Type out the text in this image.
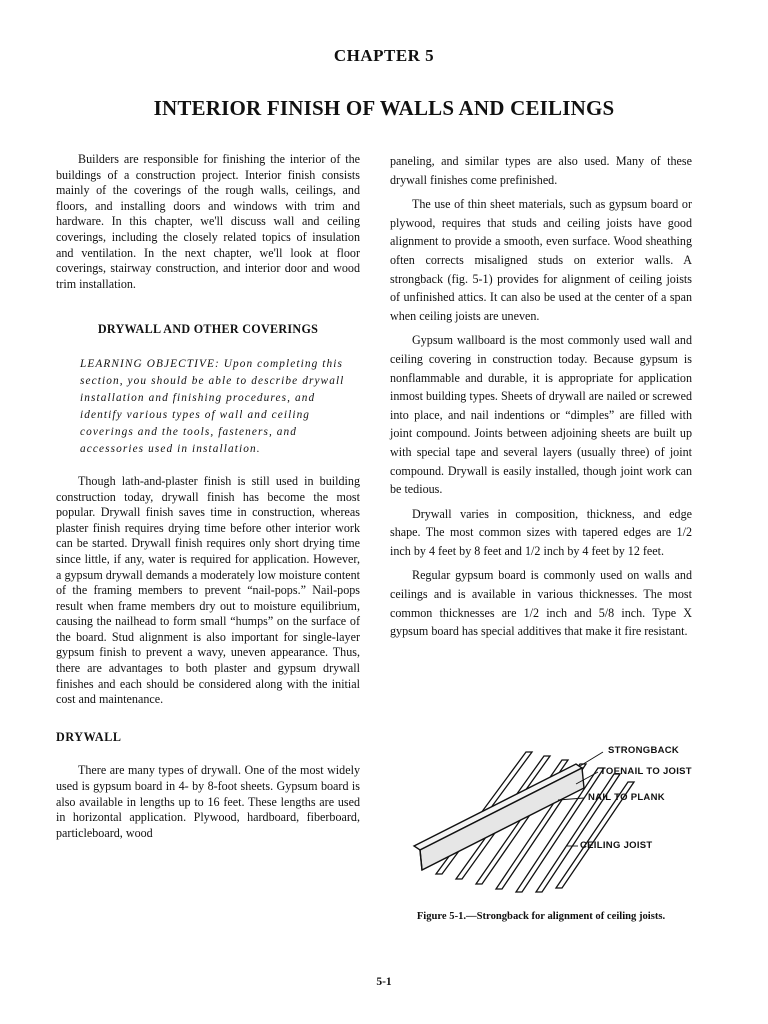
CHAPTER 5
INTERIOR FINISH OF WALLS AND CEILINGS

Builders are responsible for finishing the interior of the buildings of a construction project. Interior finish consists mainly of the coverings of the rough walls, ceilings, and floors, and installing doors and windows with trim and hardware. In this chapter, we'll discuss wall and ceiling coverings, including the closely related topics of insulation and ventilation. In the next chapter, we'll look at floor coverings, stairway construction, and interior door and wood trim installation.

DRYWALL AND OTHER COVERINGS
LEARNING OBJECTIVE: Upon completing this section, you should be able to describe drywall installation and finishing procedures, and identify various types of wall and ceiling coverings and the tools, fasteners, and accessories used in installation.

Though lath-and-plaster finish is still used in building construction today, drywall finish has become the most popular. Drywall finish saves time in construction, whereas plaster finish requires drying time before other interior work can be started. Drywall finish requires only short drying time since little, if any, water is required for application. However, a gypsum drywall demands a moderately low moisture content of the framing members to prevent “nail-pops.” Nail-pops result when frame members dry out to moisture equilibrium, causing the nailhead to form small “humps” on the surface of the board. Stud alignment is also important for single-layer gypsum finish to prevent a wavy, uneven appearance. Thus, there are advantages to both plaster and gypsum drywall finishes and each should be considered along with the initial cost and maintenance.

DRYWALL

There are many types of drywall. One of the most widely used is gypsum board in 4- by 8-foot sheets. Gypsum board is also available in lengths up to 16 feet. These lengths are used in horizontal application. Plywood, hardboard, fiberboard, particleboard, wood

paneling, and similar types are also used. Many of these drywall finishes come prefinished.

The use of thin sheet materials, such as gypsum board or plywood, requires that studs and ceiling joists have good alignment to provide a smooth, even surface. Wood sheathing often corrects misaligned studs on exterior walls. A strongback (fig. 5-1) provides for alignment of ceiling joists of unfinished attics. It can also be used at the center of a span when ceiling joists are uneven.

Gypsum wallboard is the most commonly used wall and ceiling covering in construction today. Because gypsum is nonflammable and durable, it is appropriate for application inmost building types. Sheets of drywall are nailed or screwed into place, and nail indentions or “dimples” are filled with joint compound. Joints between adjoining sheets are built up with special tape and several layers (usually three) of joint compound. Drywall is easily installed, though joint work can be tedious.

Drywall varies in composition, thickness, and edge shape. The most common sizes with tapered edges are 1/2 inch by 4 feet by 8 feet and 1/2 inch by 4 feet by 12 feet.

Regular gypsum board is commonly used on walls and ceilings and is available in various thicknesses. The most common thicknesses are 1/2 inch and 5/8 inch. Type X gypsum board has special additives that make it fire resistant.

STRONGBACK
TOENAIL TO JOIST
NAIL TO PLANK
CEILING JOIST
Figure 5-1.—Strongback for alignment of ceiling joists.
5-1
